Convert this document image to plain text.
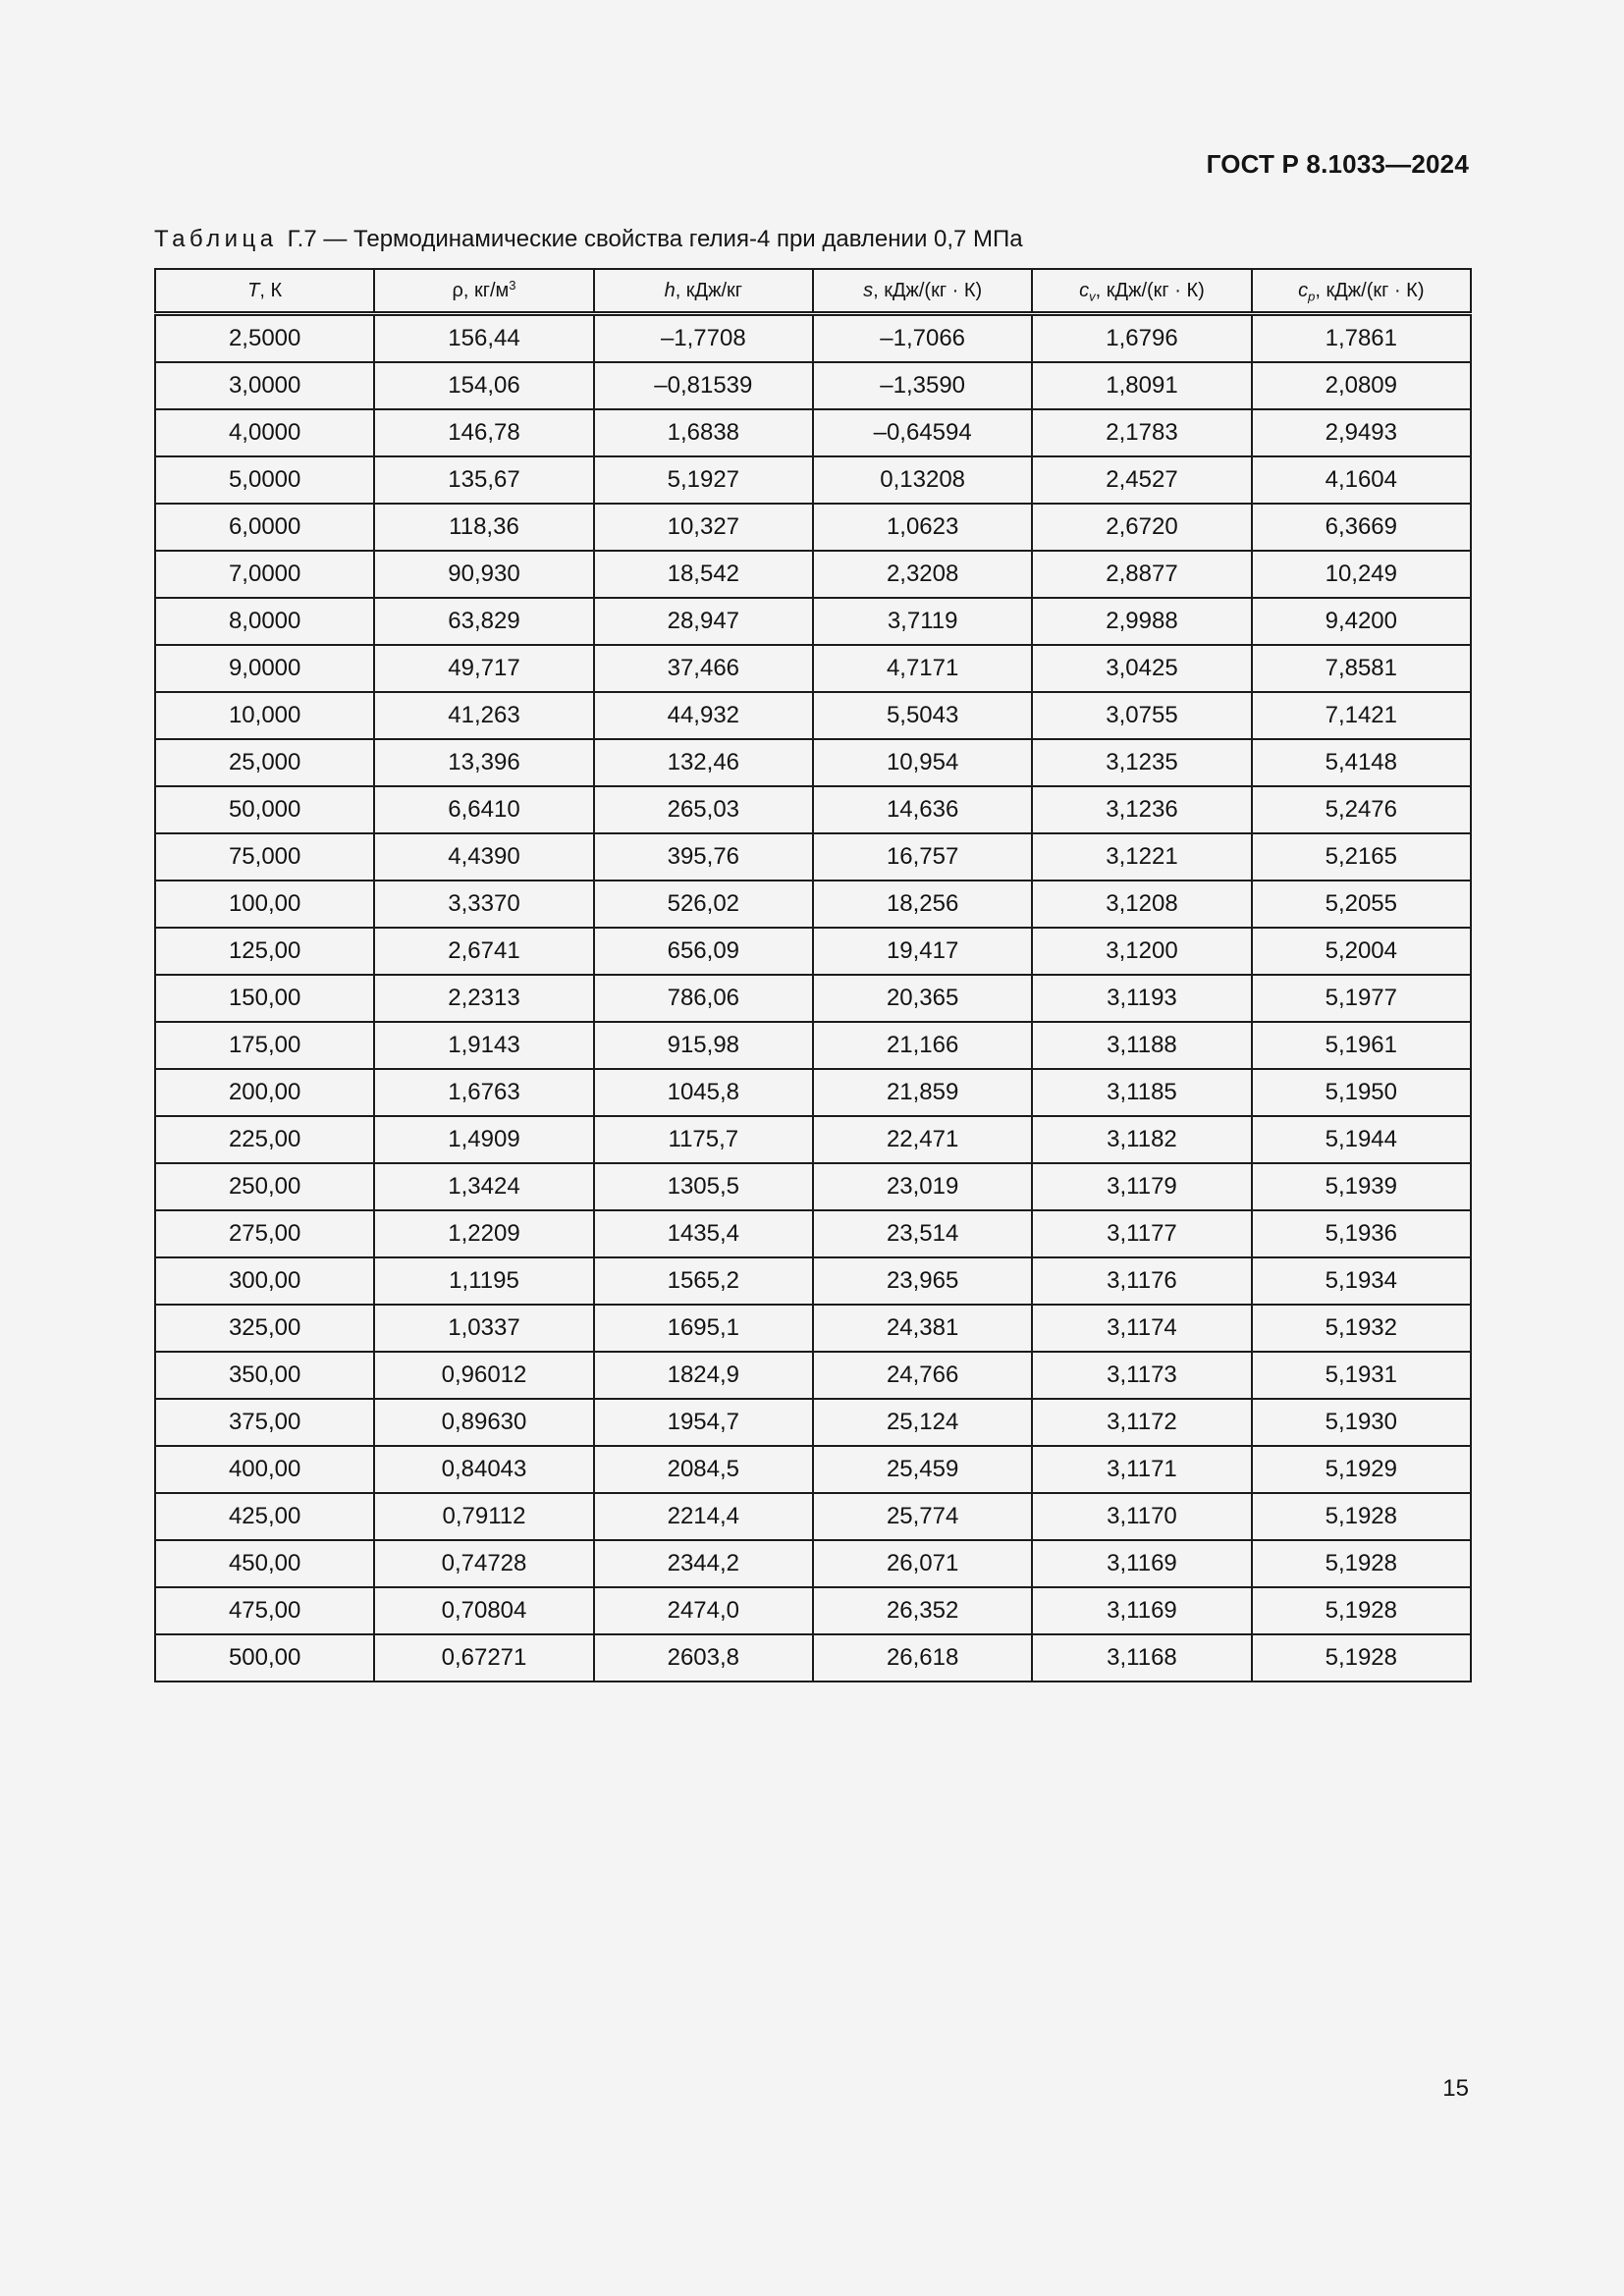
ГОСТ Р 8.1033—2024
Таблица Г.7 — Термодинамические свойства гелия-4 при давлении 0,7 МПа
T, К	ρ, $кг/м^3$	h, кДж/кг	s, кДж/(кг · К)	$c_v$, кДж/(кг · К)	$c_p$, кДж/(кг · К)
2,5000	156,44	–1,7708	–1,7066	1,6796	1,7861
3,0000	154,06	–0,81539	–1,3590	1,8091	2,0809
4,0000	146,78	1,6838	–0,64594	2,1783	2,9493
5,0000	135,67	5,1927	0,13208	2,4527	4,1604
6,0000	118,36	10,327	1,0623	2,6720	6,3669
7,0000	90,930	18,542	2,3208	2,8877	10,249
8,0000	63,829	28,947	3,7119	2,9988	9,4200
9,0000	49,717	37,466	4,7171	3,0425	7,8581
10,000	41,263	44,932	5,5043	3,0755	7,1421
25,000	13,396	132,46	10,954	3,1235	5,4148
50,000	6,6410	265,03	14,636	3,1236	5,2476
75,000	4,4390	395,76	16,757	3,1221	5,2165
100,00	3,3370	526,02	18,256	3,1208	5,2055
125,00	2,6741	656,09	19,417	3,1200	5,2004
150,00	2,2313	786,06	20,365	3,1193	5,1977
175,00	1,9143	915,98	21,166	3,1188	5,1961
200,00	1,6763	1045,8	21,859	3,1185	5,1950
225,00	1,4909	1175,7	22,471	3,1182	5,1944
250,00	1,3424	1305,5	23,019	3,1179	5,1939
275,00	1,2209	1435,4	23,514	3,1177	5,1936
300,00	1,1195	1565,2	23,965	3,1176	5,1934
325,00	1,0337	1695,1	24,381	3,1174	5,1932
350,00	0,96012	1824,9	24,766	3,1173	5,1931
375,00	0,89630	1954,7	25,124	3,1172	5,1930
400,00	0,84043	2084,5	25,459	3,1171	5,1929
425,00	0,79112	2214,4	25,774	3,1170	5,1928
450,00	0,74728	2344,2	26,071	3,1169	5,1928
475,00	0,70804	2474,0	26,352	3,1169	5,1928
500,00	0,67271	2603,8	26,618	3,1168	5,1928
15
